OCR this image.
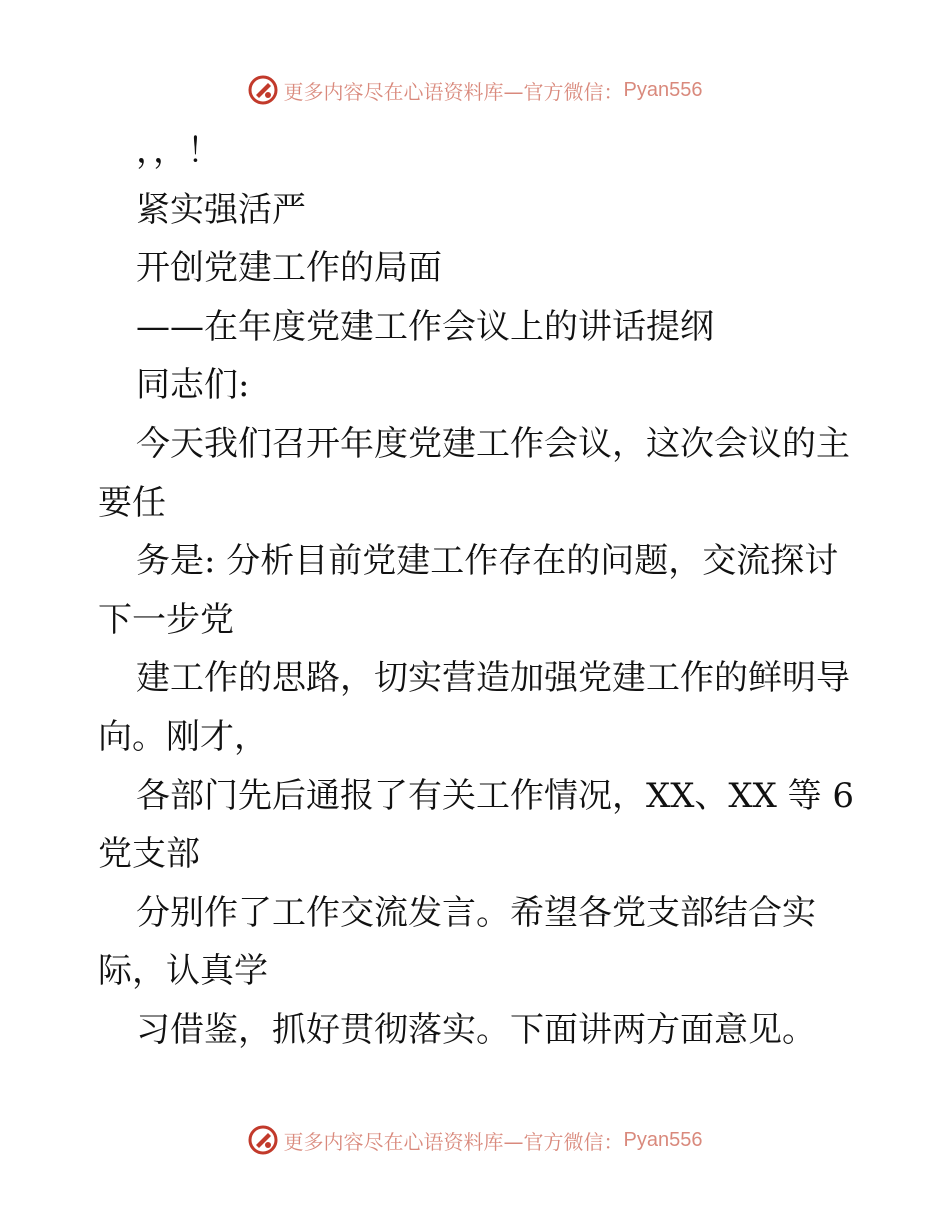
更多内容尽在心语资料库—官方微信： Pyan556
，，！
紧实强活严
开创党建工作的局面
——在年度党建工作会议上的讲话提纲
同志们:
今天我们召开年度党建工作会议，这次会议的主
要任
务是: 分析目前党建工作存在的问题，交流探讨
下一步党
建工作的思路，切实营造加强党建工作的鲜明导
向。刚才，
各部门先后通报了有关工作情况，XX、XX 等 6
党支部
分别作了工作交流发言。希望各党支部结合实
际，认真学
习借鉴，抓好贯彻落实。下面讲两方面意见。
更多内容尽在心语资料库—官方微信： Pyan556
